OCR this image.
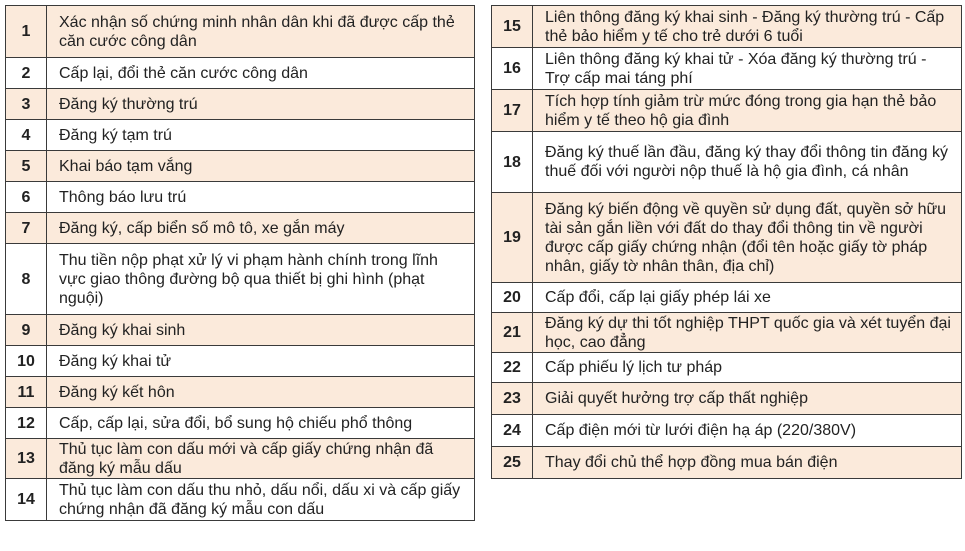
1	Xác nhận số chứng minh nhân dân khi đã được cấp thẻ căn cước công dân
2	Cấp lại, đổi thẻ căn cước công dân
3	Đăng ký thường trú
4	Đăng ký tạm trú
5	Khai báo tạm vắng
6	Thông báo lưu trú
7	Đăng ký, cấp biển số mô tô, xe gắn máy
8	Thu tiền nộp phạt xử lý vi phạm hành chính trong lĩnh vực giao thông đường bộ qua thiết bị ghi hình (phạt nguội)
9	Đăng ký khai sinh
10	Đăng ký khai tử
11	Đăng ký kết hôn
12	Cấp, cấp lại, sửa đổi, bổ sung hộ chiếu phổ thông
13	Thủ tục làm con dấu mới và cấp giấy chứng nhận đã đăng ký mẫu dấu
14	Thủ tục làm con dấu thu nhỏ, dấu nổi, dấu xi và cấp giấy chứng nhận đã đăng ký mẫu con dấu
15	Liên thông đăng ký khai sinh - Đăng ký thường trú - Cấp thẻ bảo hiểm y tế cho trẻ dưới 6 tuổi
16	Liên thông đăng ký khai tử - Xóa đăng ký thường trú - Trợ cấp mai táng phí
17	Tích hợp tính giảm trừ mức đóng trong gia hạn thẻ bảo hiểm y tế theo hộ gia đình
18	Đăng ký thuế lần đầu, đăng ký thay đổi thông tin đăng ký thuế đối với người nộp thuế là hộ gia đình, cá nhân
19	Đăng ký biến động về quyền sử dụng đất, quyền sở hữu tài sản gắn liền với đất do thay đổi thông tin về người được cấp giấy chứng nhận (đổi tên hoặc giấy tờ pháp nhân, giấy tờ nhân thân, địa chỉ)
20	Cấp đổi, cấp lại giấy phép lái xe
21	Đăng ký dự thi tốt nghiệp THPT quốc gia và xét tuyển đại học, cao đẳng
22	Cấp phiếu lý lịch tư pháp
23	Giải quyết hưởng trợ cấp thất nghiệp
24	Cấp điện mới từ lưới điện hạ áp (220/380V)
25	Thay đổi chủ thể hợp đồng mua bán điện
